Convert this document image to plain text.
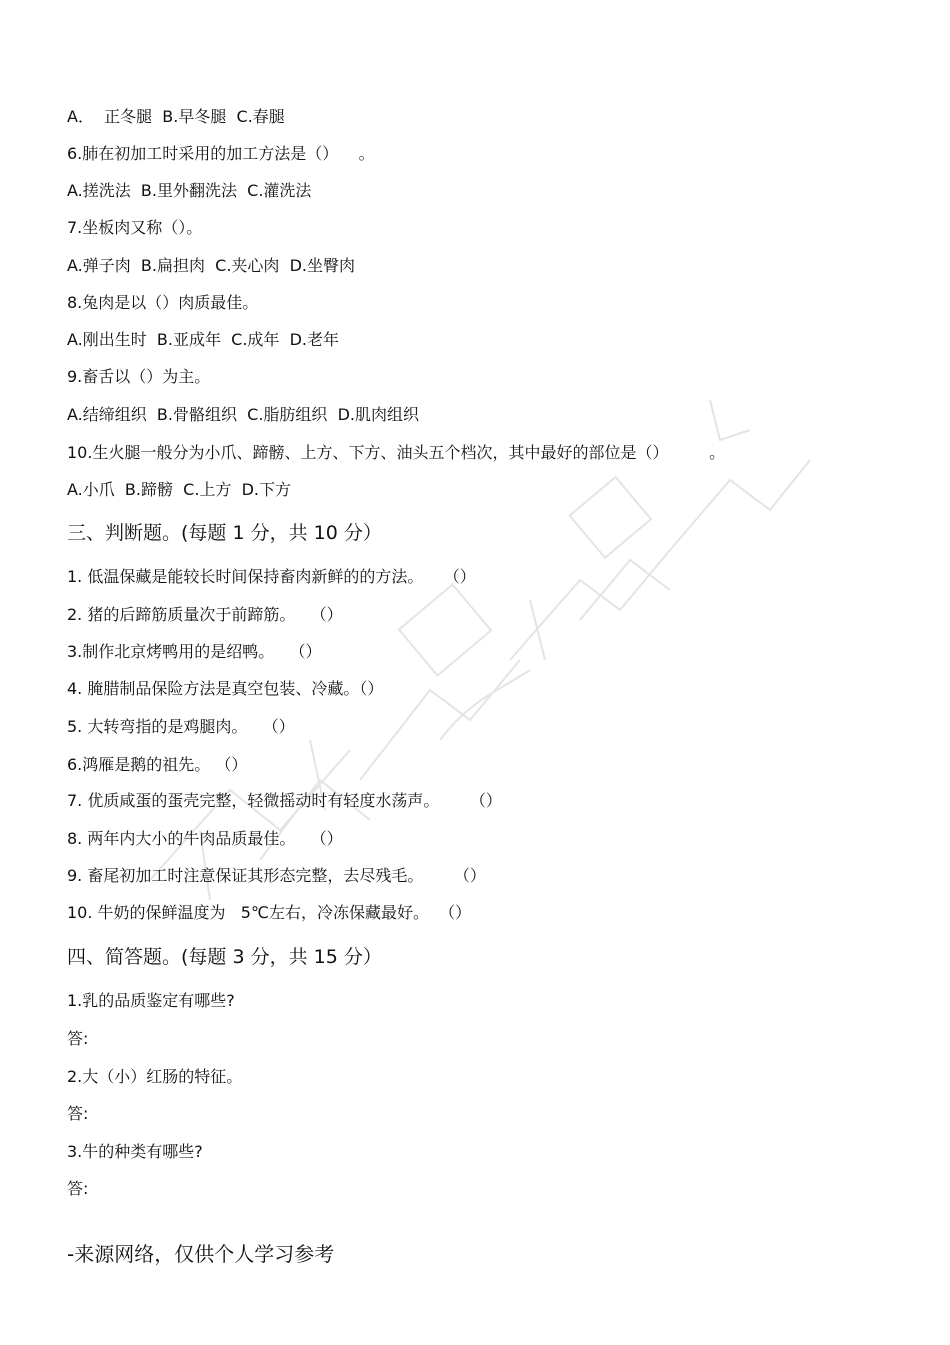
A．  正冬腿  B.早冬腿  C.春腿
6.肺在初加工时采用的加工方法是（）    。
A.搓洗法  B.里外翻洗法  C.灌洗法
7.坐板肉又称（）。
A.弹子肉  B.扁担肉  C.夹心肉  D.坐臀肉
8.兔肉是以（）肉质最佳。
A.刚出生时  B.亚成年  C.成年  D.老年
9.畜舌以（）为主。
A.结缔组织  B.骨骼组织  C.脂肪组织  D.肌肉组织
10.生火腿一般分为小爪、蹄髈、上方、下方、油头五个档次，其中最好的部位是（）        。
A.小爪  B.蹄髈  C.上方  D.下方
三、判断题。(每题 1 分，共 10 分）
1. 低温保藏是能较长时间保持畜肉新鲜的的方法。    （）
2. 猪的后蹄筋质量次于前蹄筋。   （）
3.制作北京烤鸭用的是绍鸭。   （）
4. 腌腊制品保险方法是真空包装、冷藏。（）
5. 大转弯指的是鸡腿肉。   （）
6.鸿雁是鹅的祖先。 （）
7. 优质咸蛋的蛋壳完整，轻微摇动时有轻度水荡声。      （）
8. 两年内大小的牛肉品质最佳。   （）
9. 畜尾初加工时注意保证其形态完整，去尽残毛。      （）
10. 牛奶的保鲜温度为   5℃左右，冷冻保藏最好。  （）
四、简答题。(每题 3 分，共 15 分）
1.乳的品质鉴定有哪些?
答:
2.大（小）红肠的特征。
答:
3.牛的种类有哪些?
答:
-来源网络，仅供个人学习参考
